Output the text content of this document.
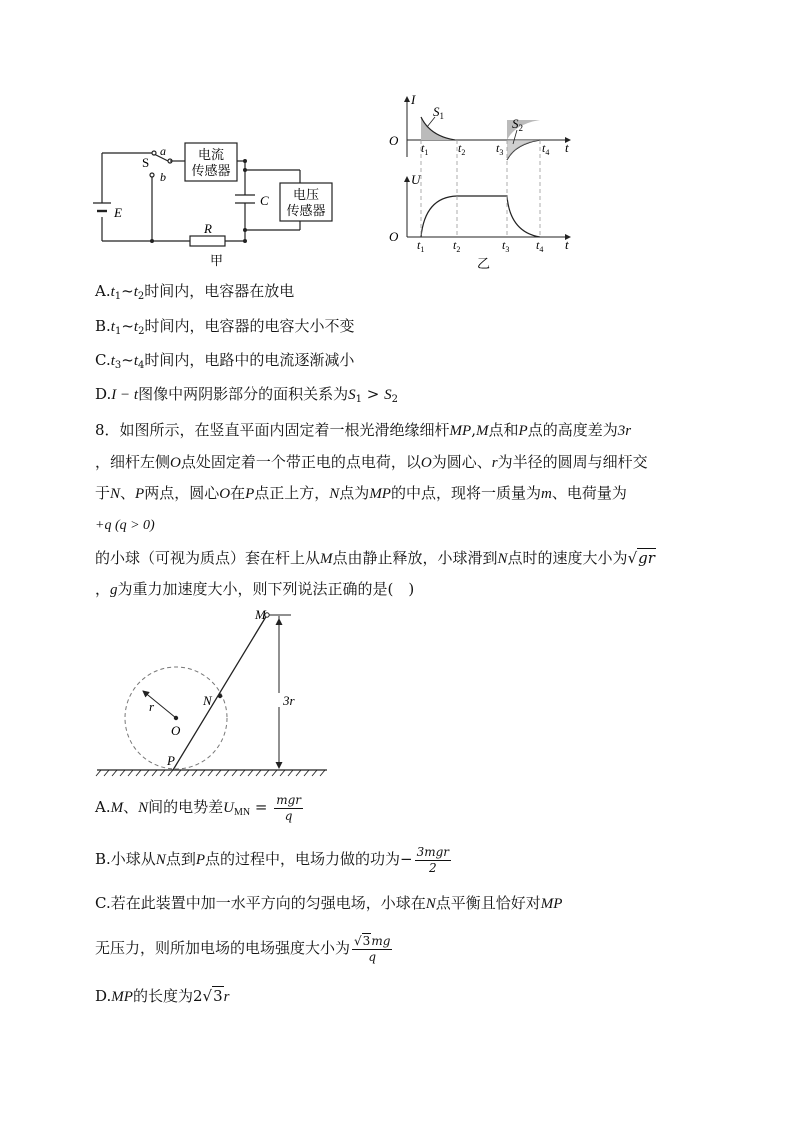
电流
传感器
电压
传感器
S
a
b
E
C
R
甲
I
U
O
O
t
t
$S_1$	$S_2$
$t_1$ $t_2$	$t_3$	$t_4$
$t_1$ $t_2$	$t_3$ $t_4$
乙
$A.t_1\sim t_2$时间内，电容器在放电
$B.t_1\sim t_2$时间内，电容器的电容大小不变
$C.t_3\sim t_4$时间内，电路中的电流逐渐减小
D.I − t图像中两阴影部分的面积关系为$S_1 > S_2$
8．如图所示，在竖直平面内固定着一根光滑绝缘细杆MP,M点和P点的高度差为3r
，细杆左侧O点处固定着一个带正电的点电荷，以O为圆心、r为半径的圆周与细杆交
于N、P两点，圆心O在P点正上方，N点为MP的中点，现将一质量为m、电荷量为
+q (q > 0)
的小球（可视为质点）套在杆上从M点由静止释放，小球滑到N点时的速度大小为√gr
，g为重力加速度大小，则下列说法正确的是(　)
M
N
P
O
r	3r
A.M、N间的电势差$U_{MN} = \frac{\text{mgr}}{q}$
B.小球从N点到P点的过程中，电场力做的功为− $\frac{\text{3mgr}}{2}$
C.若在此装置中加一水平方向的匀强电场，小球在N点平衡且恰好对MP
无压力，则所加电场的电场强度大小为 $\frac{√3mg}{q}$
D.MP的长度为2√3r
